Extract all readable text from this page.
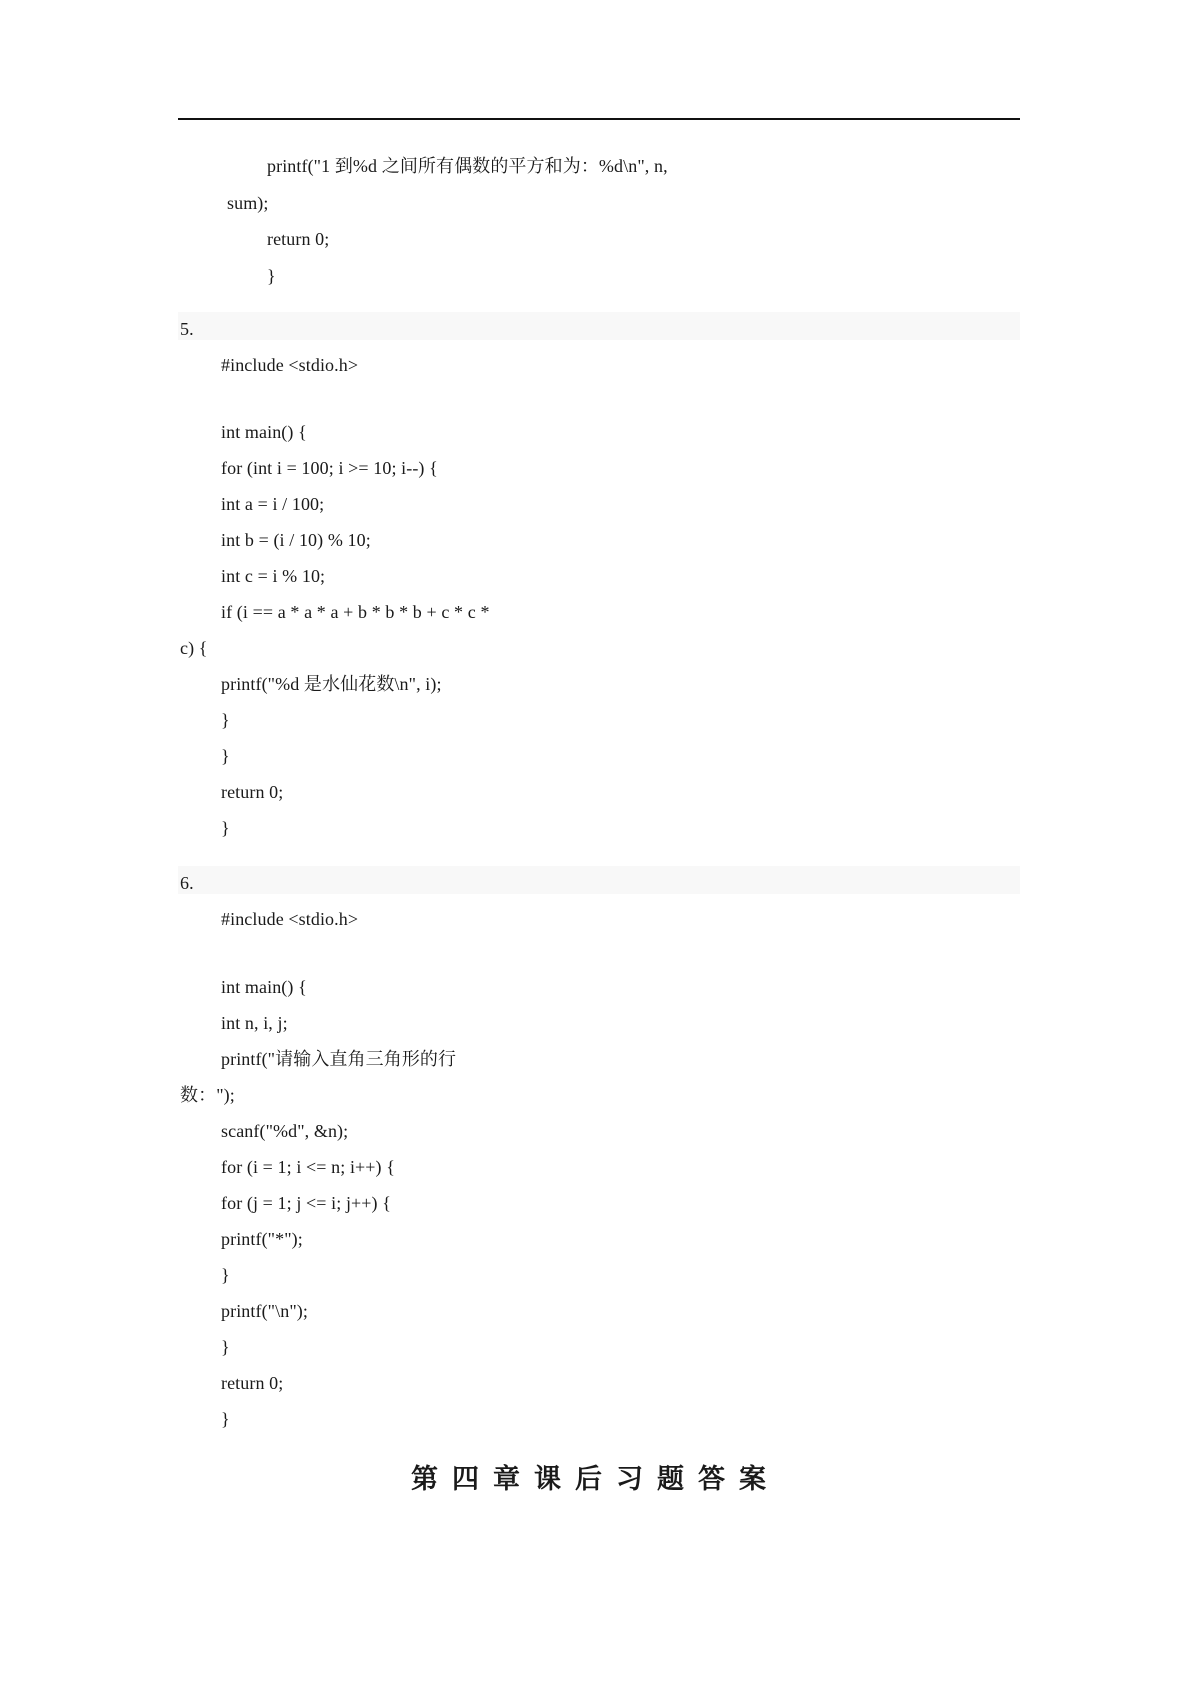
printf("1 到%d 之间所有偶数的平方和为：%d\n", n,
sum);
return 0;
}
5.
#include <stdio.h>
int main() {
for (int i = 100; i >= 10; i--) {
int a = i / 100;
int b = (i / 10) % 10;
int c = i % 10;
if (i == a * a * a + b * b * b + c * c *
c) {
printf("%d 是水仙花数\n", i);
}
}
return 0;
}
6.
#include <stdio.h>
int main() {
int n, i, j;
printf("请输入直角三角形的行
数：");
scanf("%d", &n);
for (i = 1; i <= n; i++) {
for (j = 1; j <= i; j++) {
printf("*");
}
printf("\n");
}
return 0;
}
第四章课后习题答案
